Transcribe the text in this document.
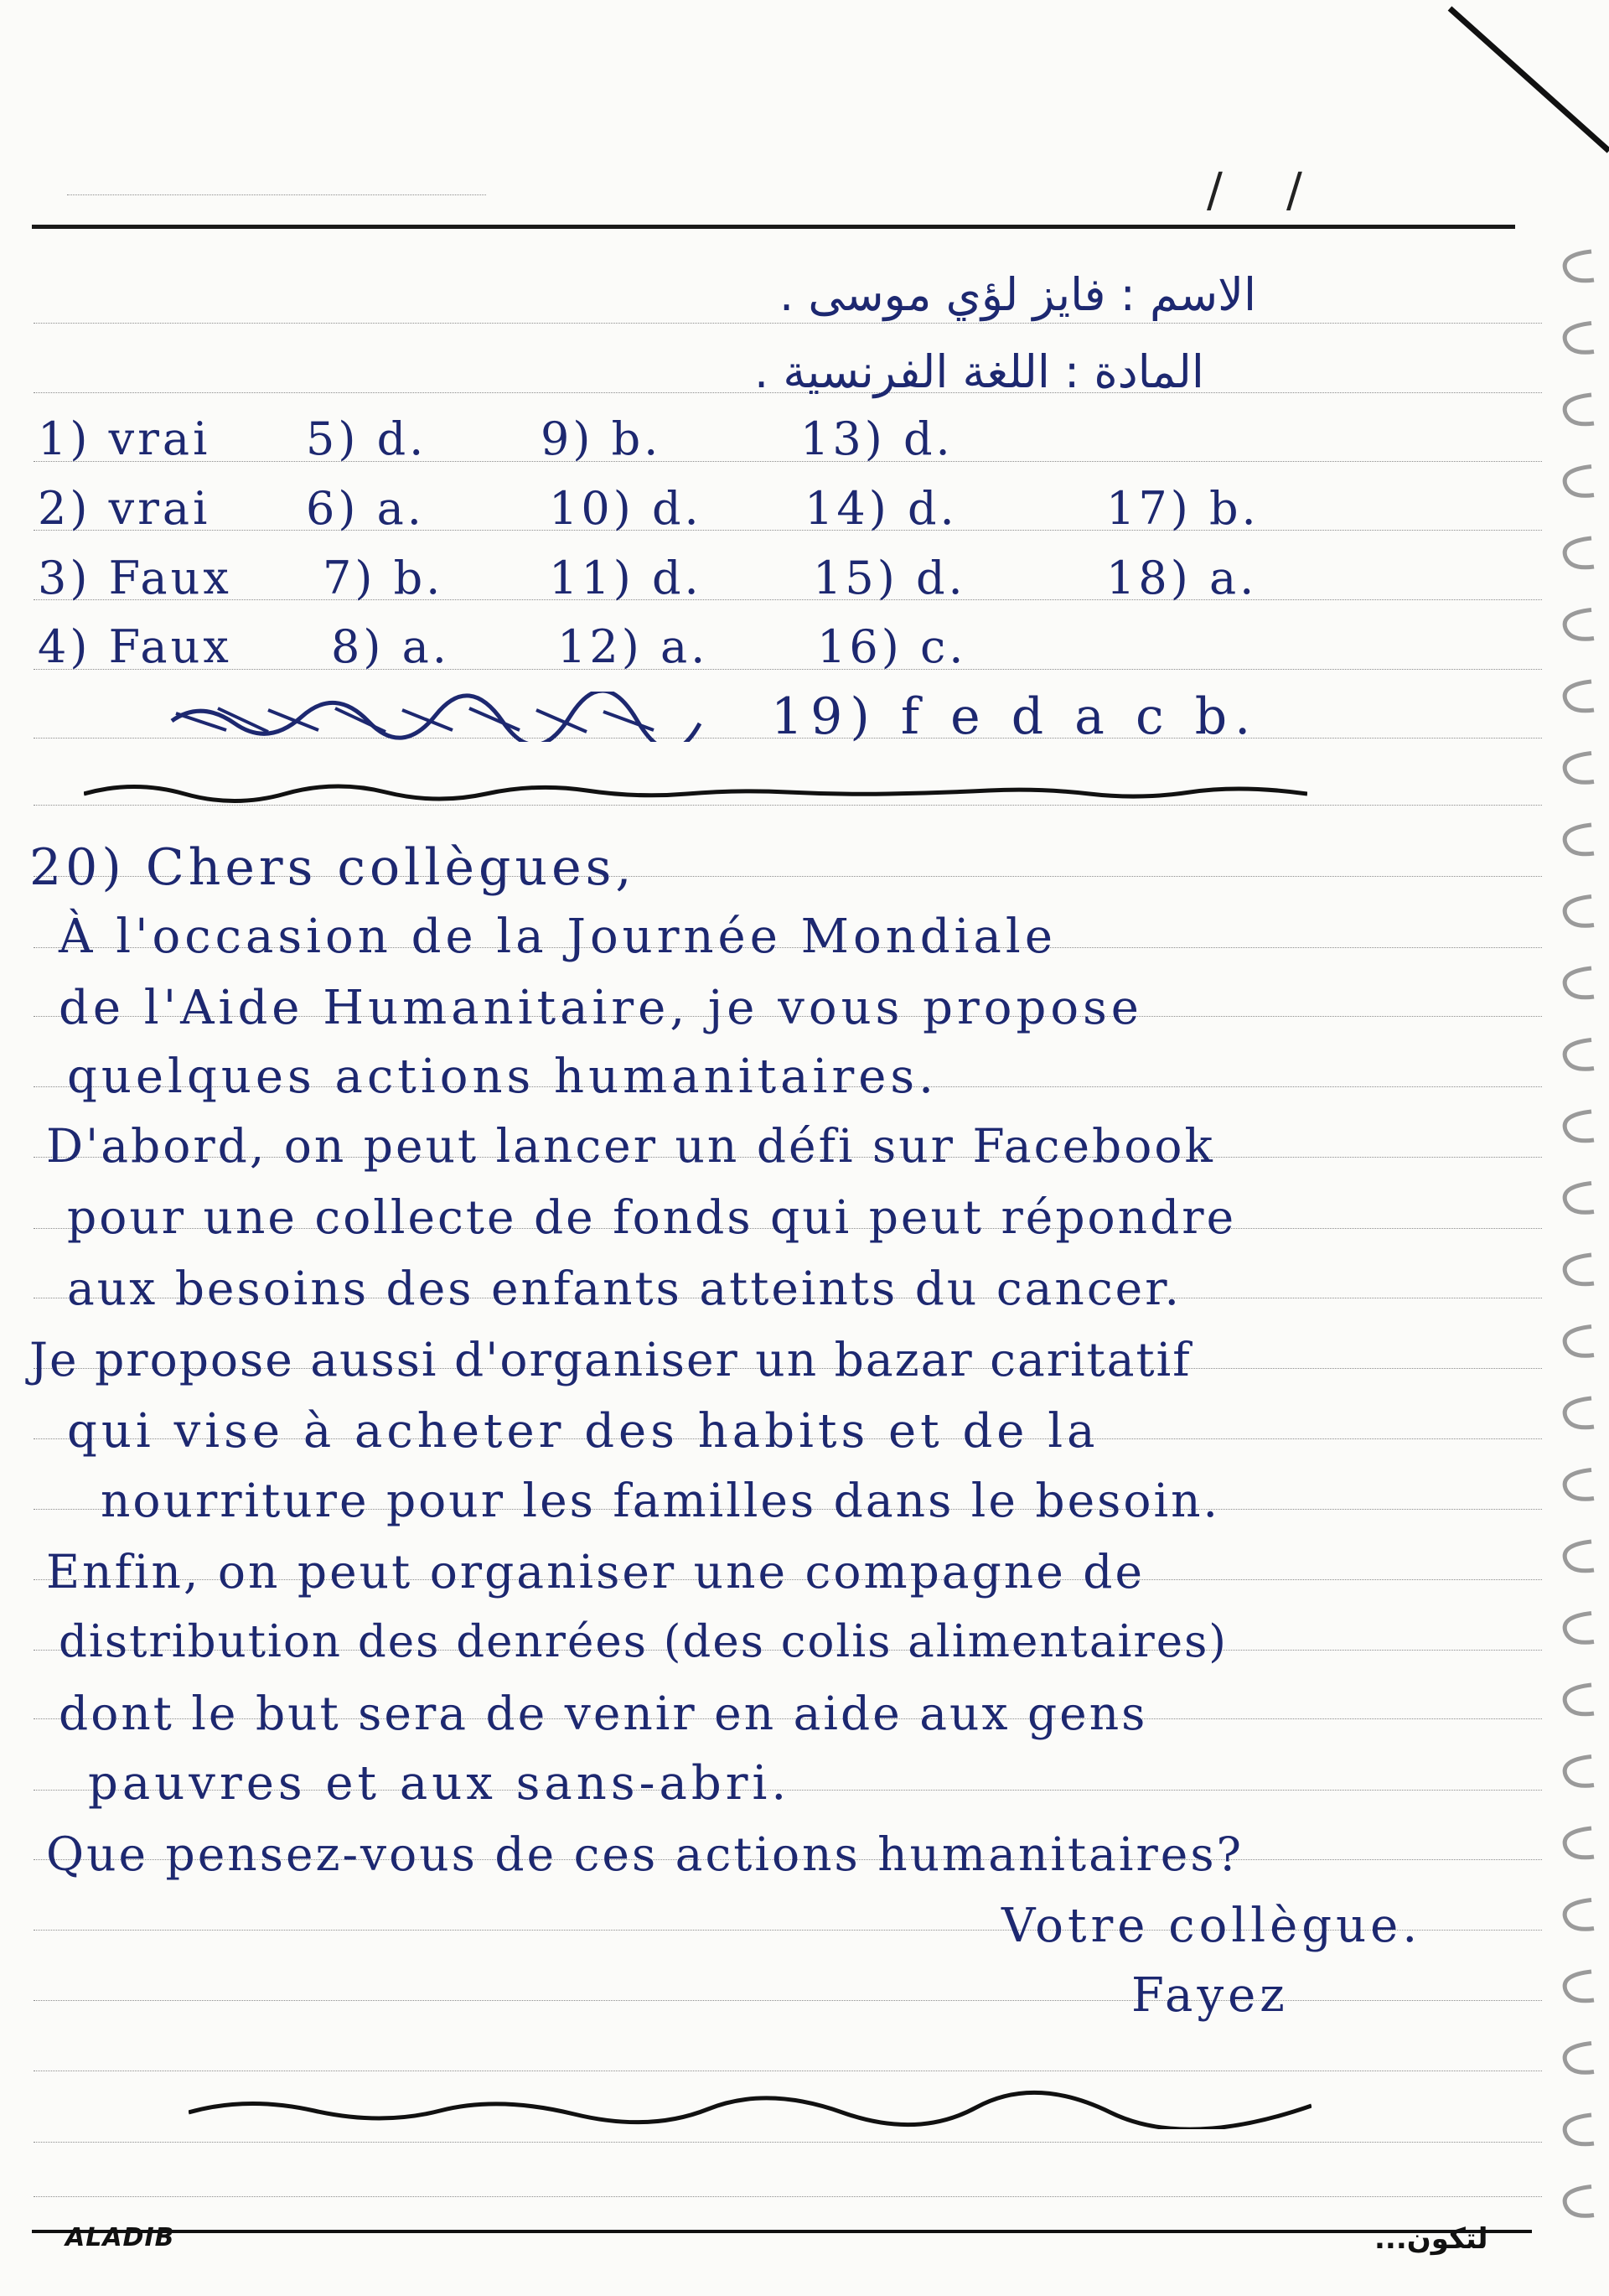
/ /
الاسم : فايز لؤي موسى .
المادة : اللغة الفرنسية .
1) vrai
2) vrai
3) Faux
4) Faux
5) d.
6) a.
7) b.
8) a.
9) b.
10) d.
11) d.
12) a.
13) d.
14) d.
15) d.
16) c.
17) b.
18) a.
19) f e d a c b.
20) Chers collègues,
À l'occasion de la Journée Mondiale
de l'Aide Humanitaire, je vous propose
quelques actions humanitaires.
D'abord, on peut lancer un défi sur Facebook
pour une collecte de fonds qui peut répondre
aux besoins des enfants atteints du cancer.
Je propose aussi d'organiser un bazar caritatif
qui vise à acheter des habits et de la
nourriture pour les familles dans le besoin.
Enfin, on peut organiser une compagne de
distribution des denrées (des colis alimentaires)
dont le but sera de venir en aide aux gens
pauvres et aux sans-abri.
Que pensez-vous de ces actions humanitaires?
Votre collègue.
Fayez
ALADIB	لتكون...
